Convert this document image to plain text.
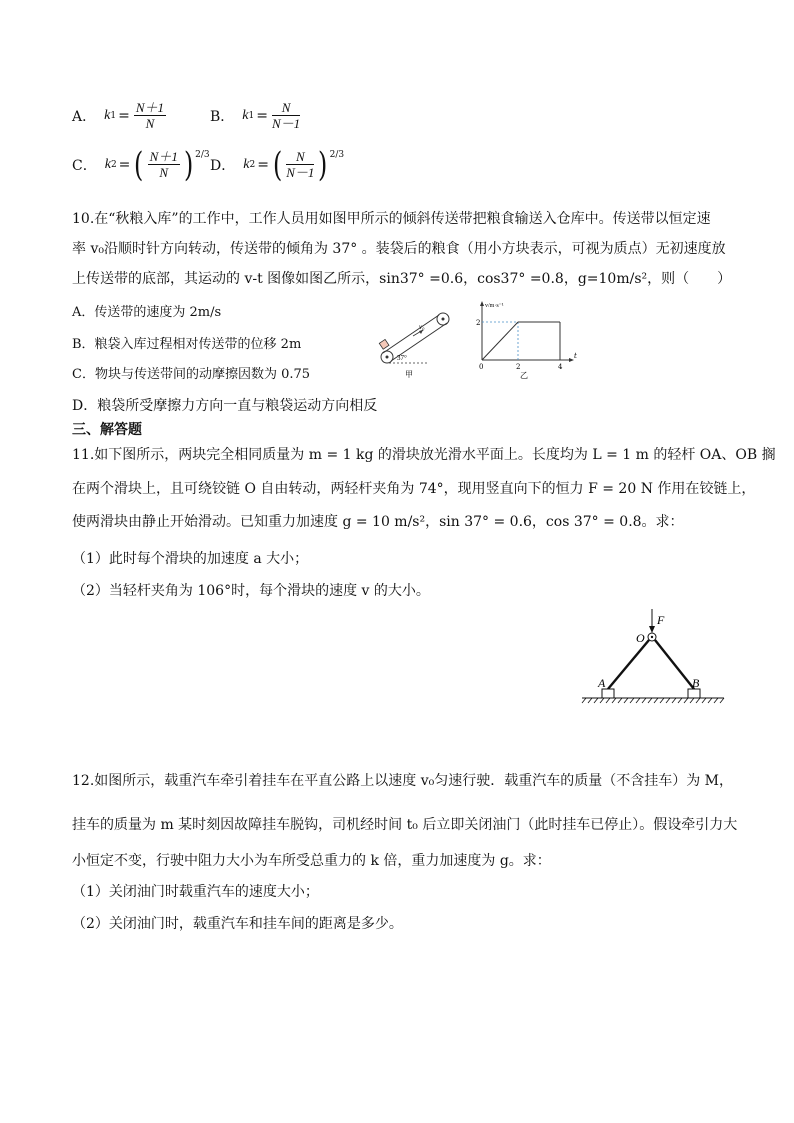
A． k $1 = \frac{N+1}{N}$	B． k $1 = \frac{N}{N-1}$
C． k 2 = ( $\frac{N+1}{N}$ ) 2/3
D． k 2 = ( $\frac{N}{N-1}$ ) 2/3
10.在“秋粮入库”的工作中，工作人员用如图甲所示的倾斜传送带把粮食输送入仓库中。传送带以恒定速
率 v₀沿顺时针方向转动，传送带的倾角为 37° 。装袋后的粮食（用小方块表示，可视为质点）无初速度放
上传送带的底部，其运动的 v-t 图像如图乙所示，sin37° =0.6，cos37° =0.8，g=10m/s²，则（　　）
A．传送带的速度为 2m/s
B．粮袋入库过程相对传送带的位移 2m
C．物块与传送带间的动摩擦因数为 0.75
D．粮袋所受摩擦力方向一直与粮袋运动方向相反
37°
v₀
甲
v/m·s⁻¹
2
0	2	4
t
乙
三、解答题
11.如下图所示，两块完全相同质量为 m = 1 kg 的滑块放光滑水平面上。长度均为 L = 1 m 的轻杆 OA、OB 搁
在两个滑块上，且可绕铰链 O 自由转动，两轻杆夹角为 74°，现用竖直向下的恒力 F = 20 N 作用在铰链上，
使两滑块由静止开始滑动。已知重力加速度 g = 10 m/s²，sin 37° = 0.6，cos 37° = 0.8。求：
（1）此时每个滑块的加速度 a 大小；
（2）当轻杆夹角为 106°时，每个滑块的速度 v 的大小。
F
O
A	B
12.如图所示，载重汽车牵引着挂车在平直公路上以速度 v₀匀速行驶．载重汽车的质量（不含挂车）为 M，
挂车的质量为 m 某时刻因故障挂车脱钩，司机经时间 t₀ 后立即关闭油门（此时挂车已停止）。假设牵引力大
小恒定不变，行驶中阻力大小为车所受总重力的 k 倍，重力加速度为 g。求：
（1）关闭油门时载重汽车的速度大小；
（2）关闭油门时，载重汽车和挂车间的距离是多少。
